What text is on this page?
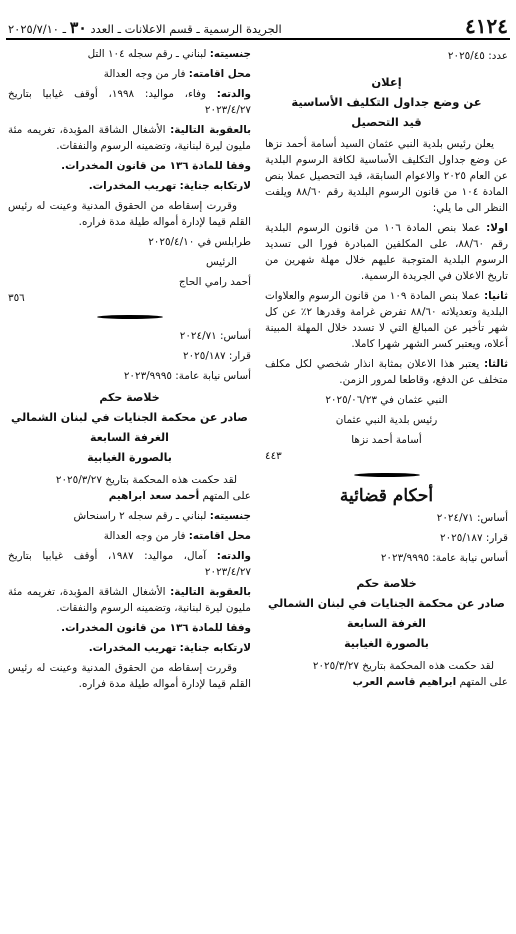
٤١٢٤
الجريدة الرسمية ـ قسم الاعلانات ـ العدد ٣٠ ـ ٢٠٢٥/٧/١٠

عدد: ٢٠٢٥/٤٥

إعلان

عن وضع جداول التكليف الأساسية

قيد التحصيل

يعلن رئيس بلدية النبي عثمان السيد أسامة أحمد نزها عن وضع جداول التكليف الأساسية لكافة الرسوم البلدية عن العام ٢٠٢٥ والاعوام السابقة، قيد التحصيل عملا بنص المادة ١٠٤ من قانون الرسوم البلدية رقم ٨٨/٦٠ ويلفت النظر الى ما يلي:

اولا: عملا بنص المادة ١٠٦ من قانون الرسوم البلدية رقم ٨٨/٦٠، على المكلفين المبادرة فورا الى تسديد الرسوم البلدية المتوجبة عليهم خلال مهلة شهرين من تاريخ الاعلان في الجريدة الرسمية.

ثانيا: عملا بنص المادة ١٠٩ من قانون الرسوم والعلاوات البلدية وتعديلاته ٨٨/٦٠ تفرض غرامة وقدرها ٢٪ عن كل شهر تأخير عن المبالغ التي لا تسدد خلال المهلة المبينة أعلاه، ويعتبر كسر الشهر شهرا كاملا.

ثالثا: يعتبر هذا الاعلان بمثابة انذار شخصي لكل مكلف متخلف عن الدفع، وقاطعا لمرور الزمن.

النبي عثمان في ٢٠٢٥/٠٦/٢٣

رئيس بلدية النبي عثمان

أسامة أحمد نزها

٤٤٣

أحكام قضائية

أساس: ٢٠٢٤/٧١

قرار: ٢٠٢٥/١٨٧

أساس نيابة عامة: ٢٠٢٣/٩٩٩٥

خلاصة حكم

صادر عن محكمة الجنايات في لبنان الشمالي

الغرفة السابعة

بالصورة الغيابية

لقد حكمت هذه المحكمة بتاريخ ٢٠٢٥/٣/٢٧

على المتهم ابراهيم قاسم العرب

جنسيته: لبناني ـ رقم سجله ١٠٤ التل

محل اقامته: فار من وجه العدالة

والدته: وفاء، مواليد: ١٩٩٨، أوقف غيابيا بتاريخ ٢٠٢٣/٤/٢٧

بالعقوبة التالية: الأشغال الشاقة المؤبدة، تغريمه مئة مليون ليرة لبنانية، وتضمينه الرسوم والنفقات.

وفقا للمادة ١٣٦ من قانون المخدرات.

لارتكابه جناية: تهريب المخدرات.

وقررت إسقاطه من الحقوق المدنية وعينت له رئيس القلم قيما لإدارة أمواله طيلة مدة فراره.

طرابلس في ٢٠٢٥/٤/١٠

الرئيس

أحمد رامي الحاج

٣٥٦

أساس: ٢٠٢٤/٧١

قرار: ٢٠٢٥/١٨٧

أساس نيابة عامة: ٢٠٢٣/٩٩٩٥

خلاصة حكم

صادر عن محكمة الجنايات في لبنان الشمالي

الغرفة السابعة

بالصورة الغيابية

لقد حكمت هذه المحكمة بتاريخ ٢٠٢٥/٣/٢٧

على المتهم أحمد سعد ابراهيم

جنسيته: لبناني ـ رقم سجله ٢ راسنحاش

محل اقامته: فار من وجه العدالة

والدته: آمال، مواليد: ١٩٨٧، أوقف غيابيا بتاريخ ٢٠٢٣/٤/٢٧

بالعقوبة التالية: الأشغال الشاقة المؤبدة، تغريمه مئة مليون ليرة لبنانية، وتضمينه الرسوم والنفقات.

وفقا للمادة ١٣٦ من قانون المخدرات.

لارتكابه جناية: تهريب المخدرات.

وقررت إسقاطه من الحقوق المدنية وعينت له رئيس القلم قيما لإدارة أمواله طيلة مدة فراره.
